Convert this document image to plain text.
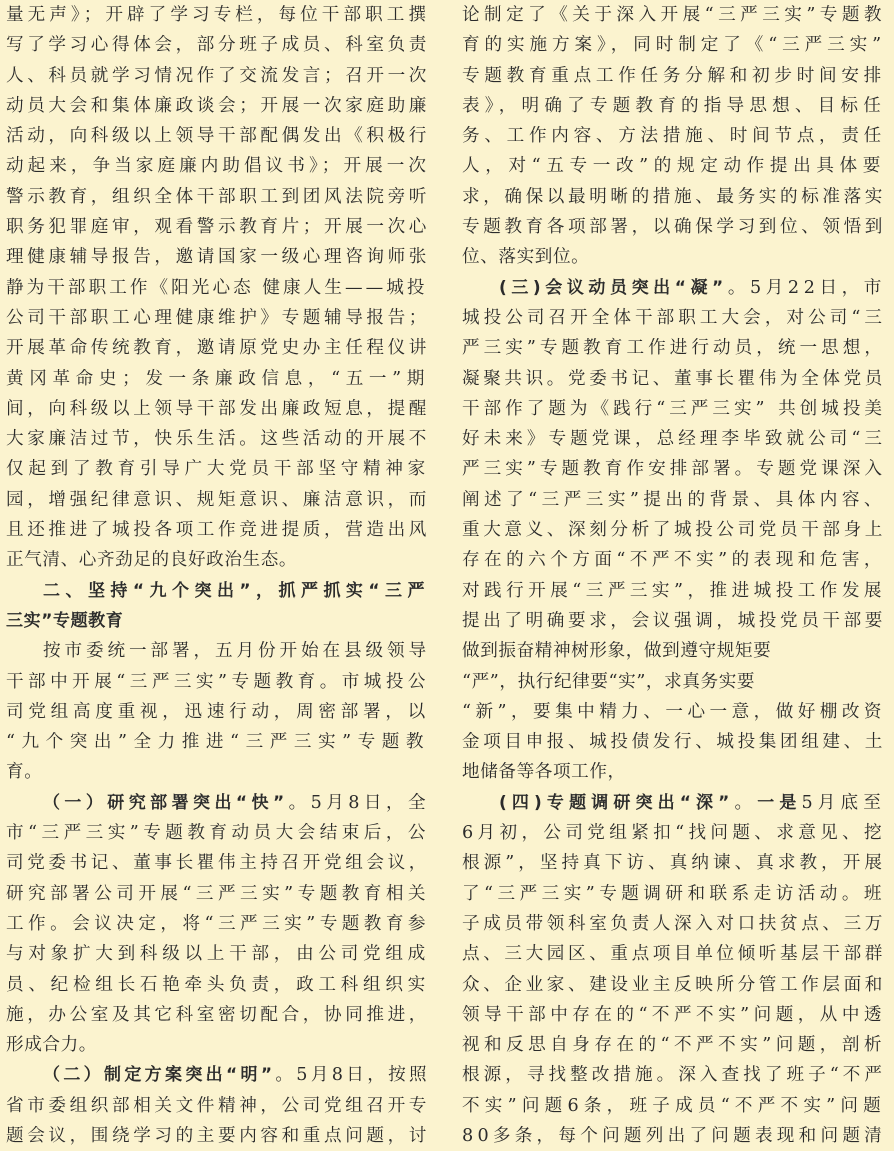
量无声》；开辟了学习专栏，每位干部职工撰
写了学习心得体会，部分班子成员、科室负责
人、科员就学习情况作了交流发言；召开一次
动员大会和集体廉政谈会；开展一次家庭助廉
活动，向科级以上领导干部配偶发出《积极行
动起来，争当家庭廉内助倡议书》；开展一次
警示教育，组织全体干部职工到团风法院旁听
职务犯罪庭审，观看警示教育片；开展一次心
理健康辅导报告，邀请国家一级心理咨询师张
静为干部职工作《阳光心态 健康人生——城投
公司干部职工心理健康维护》专题辅导报告；
开展革命传统教育，邀请原党史办主任程仪讲
黄冈革命史；发一条廉政信息，“五一”期
间，向科级以上领导干部发出廉政短息，提醒
大家廉洁过节，快乐生活。这些活动的开展不
仅起到了教育引导广大党员干部坚守精神家
园，增强纪律意识、规矩意识、廉洁意识，而
且还推进了城投各项工作竞进提质，营造出风
正气清、心齐劲足的良好政治生态。
二、坚持“九个突出”，抓严抓实“三严
三实”专题教育
按市委统一部署，五月份开始在县级领导
干部中开展“三严三实”专题教育。市城投公
司党组高度重视，迅速行动，周密部署，以
“九个突出”全力推进“三严三实”专题教
育。
（一）研究部署突出“快”。5月8日，全
市“三严三实”专题教育动员大会结束后，公
司党委书记、董事长瞿伟主持召开党组会议，
研究部署公司开展“三严三实”专题教育相关
工作。会议决定，将“三严三实”专题教育参
与对象扩大到科级以上干部，由公司党组成
员、纪检组长石艳牵头负责，政工科组织实
施，办公室及其它科室密切配合，协同推进，
形成合力。
（二）制定方案突出“明”。5月8日，按照
省市委组织部相关文件精神，公司党组召开专
题会议，围绕学习的主要内容和重点问题，讨
论制定了《关于深入开展“三严三实”专题教
育的实施方案》，同时制定了《“三严三实”
专题教育重点工作任务分解和初步时间安排
表》，明确了专题教育的指导思想、目标任
务、工作内容、方法措施、时间节点，责任
人，对“五专一改”的规定动作提出具体要
求，确保以最明晰的措施、最务实的标准落实
专题教育各项部署，以确保学习到位、领悟到
位、落实到位。
(三)会议动员突出“凝”。5月22日，市
城投公司召开全体干部职工大会，对公司“三
严三实”专题教育工作进行动员，统一思想，
凝聚共识。党委书记、董事长瞿伟为全体党员
干部作了题为《践行“三严三实” 共创城投美
好未来》专题党课，总经理李毕致就公司“三
严三实”专题教育作安排部署。专题党课深入
阐述了“三严三实”提出的背景、具体内容、
重大意义、深刻分析了城投公司党员干部身上
存在的六个方面“不严不实”的表现和危害，
对践行开展“三严三实”，推进城投工作发展
提出了明确要求，会议强调，城投党员干部要
做到振奋精神树形象，做到遵守规矩要
“严”，执行纪律要“实”，求真务实要
“新”，要集中精力、一心一意，做好棚改资
金项目申报、城投债发行、城投集团组建、土
地储备等各项工作，
(四)专题调研突出“深”。一是5月底至
6月初，公司党组紧扣“找问题、求意见、挖
根源”，坚持真下访、真纳谏、真求教，开展
了“三严三实”专题调研和联系走访活动。班
子成员带领科室负责人深入对口扶贫点、三万
点、三大园区、重点项目单位倾听基层干部群
众、企业家、建设业主反映所分管工作层面和
领导干部中存在的“不严不实”问题，从中透
视和反思自身存在的“不严不实”问题，剖析
根源，寻找整改措施。深入查找了班子“不严
不实”问题6条，班子成员“不严不实”问题
80多条，每个问题列出了问题表现和问题清
